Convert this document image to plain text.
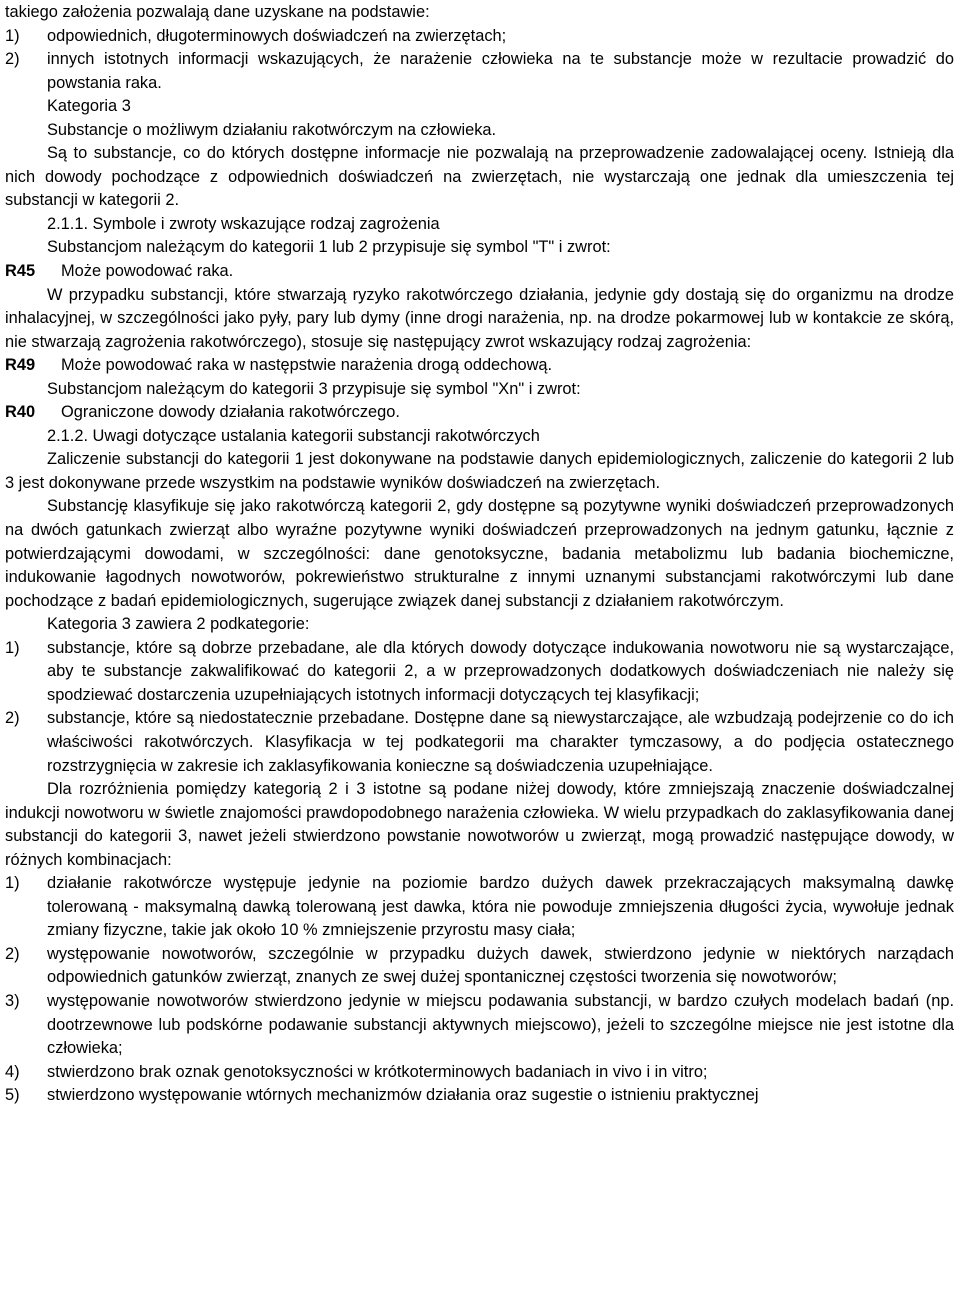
takiego założenia pozwalają dane uzyskane na podstawie:

1)	odpowiednich, długoterminowych doświadczeń na zwierzętach;
2)	innych istotnych informacji wskazujących, że narażenie człowieka na te substancje może w rezultacie prowadzić do powstania raka.

Kategoria 3

Substancje o możliwym działaniu rakotwórczym na człowieka.

Są to substancje, co do których dostępne informacje nie pozwalają na przeprowadzenie zadowalającej oceny. Istnieją dla nich dowody pochodzące z odpowiednich doświadczeń na zwierzętach, nie wystarczają one jednak dla umieszczenia tej substancji w kategorii 2.

2.1.1. Symbole i zwroty wskazujące rodzaj zagrożenia

Substancjom należącym do kategorii 1 lub 2 przypisuje się symbol "T" i zwrot:

R45	Może powodować raka.

W przypadku substancji, które stwarzają ryzyko rakotwórczego działania, jedynie gdy dostają się do organizmu na drodze inhalacyjnej, w szczególności jako pyły, pary lub dymy (inne drogi narażenia, np. na drodze pokarmowej lub w kontakcie ze skórą, nie stwarzają zagrożenia rakotwórczego), stosuje się następujący zwrot wskazujący rodzaj zagrożenia:

R49	Może powodować raka w następstwie narażenia drogą oddechową.

Substancjom należącym do kategorii 3 przypisuje się symbol "Xn" i zwrot:

R40	Ograniczone dowody działania rakotwórczego.

2.1.2. Uwagi dotyczące ustalania kategorii substancji rakotwórczych

Zaliczenie substancji do kategorii 1 jest dokonywane na podstawie danych epidemiologicznych, zaliczenie do kategorii 2 lub 3 jest dokonywane przede wszystkim na podstawie wyników doświadczeń na zwierzętach.

Substancję klasyfikuje się jako rakotwórczą kategorii 2, gdy dostępne są pozytywne wyniki doświadczeń przeprowadzonych na dwóch gatunkach zwierząt albo wyraźne pozytywne wyniki doświadczeń przeprowadzonych na jednym gatunku, łącznie z potwierdzającymi dowodami, w szczególności: dane genotoksyczne, badania metabolizmu lub badania biochemiczne, indukowanie łagodnych nowotworów, pokrewieństwo strukturalne z innymi uznanymi substancjami rakotwórczymi lub dane pochodzące z badań epidemiologicznych, sugerujące związek danej substancji z działaniem rakotwórczym.

Kategoria 3 zawiera 2 podkategorie:

1)	substancje, które są dobrze przebadane, ale dla których dowody dotyczące indukowania nowotworu nie są wystarczające, aby te substancje zakwalifikować do kategorii 2, a w przeprowadzonych dodatkowych doświadczeniach nie należy się spodziewać dostarczenia uzupełniających istotnych informacji dotyczących tej klasyfikacji;
2)	substancje, które są niedostatecznie przebadane. Dostępne dane są niewystarczające, ale wzbudzają podejrzenie co do ich właściwości rakotwórczych. Klasyfikacja w tej podkategorii ma charakter tymczasowy, a do podjęcia ostatecznego rozstrzygnięcia w zakresie ich zaklasyfikowania konieczne są doświadczenia uzupełniające.

Dla rozróżnienia pomiędzy kategorią 2 i 3 istotne są podane niżej dowody, które zmniejszają znaczenie doświadczalnej indukcji nowotworu w świetle znajomości prawdopodobnego narażenia człowieka. W wielu przypadkach do zaklasyfikowania danej substancji do kategorii 3, nawet jeżeli stwierdzono powstanie nowotworów u zwierząt, mogą prowadzić następujące dowody, w różnych kombinacjach:

1)	działanie rakotwórcze występuje jedynie na poziomie bardzo dużych dawek przekraczających maksymalną dawkę tolerowaną - maksymalną dawką tolerowaną jest dawka, która nie powoduje zmniejszenia długości życia, wywołuje jednak zmiany fizyczne, takie jak około 10 % zmniejszenie przyrostu masy ciała;
2)	występowanie nowotworów, szczególnie w przypadku dużych dawek, stwierdzono jedynie w niektórych narządach odpowiednich gatunków zwierząt, znanych ze swej dużej spontanicznej częstości tworzenia się nowotworów;
3)	występowanie nowotworów stwierdzono jedynie w miejscu podawania substancji, w bardzo czułych modelach badań (np. dootrzewnowe lub podskórne podawanie substancji aktywnych miejscowo), jeżeli to szczególne miejsce nie jest istotne dla człowieka;
4)	stwierdzono brak oznak genotoksyczności w krótkoterminowych badaniach in vivo i in vitro;
5)	stwierdzono występowanie wtórnych mechanizmów działania oraz sugestie o istnieniu praktycznej
